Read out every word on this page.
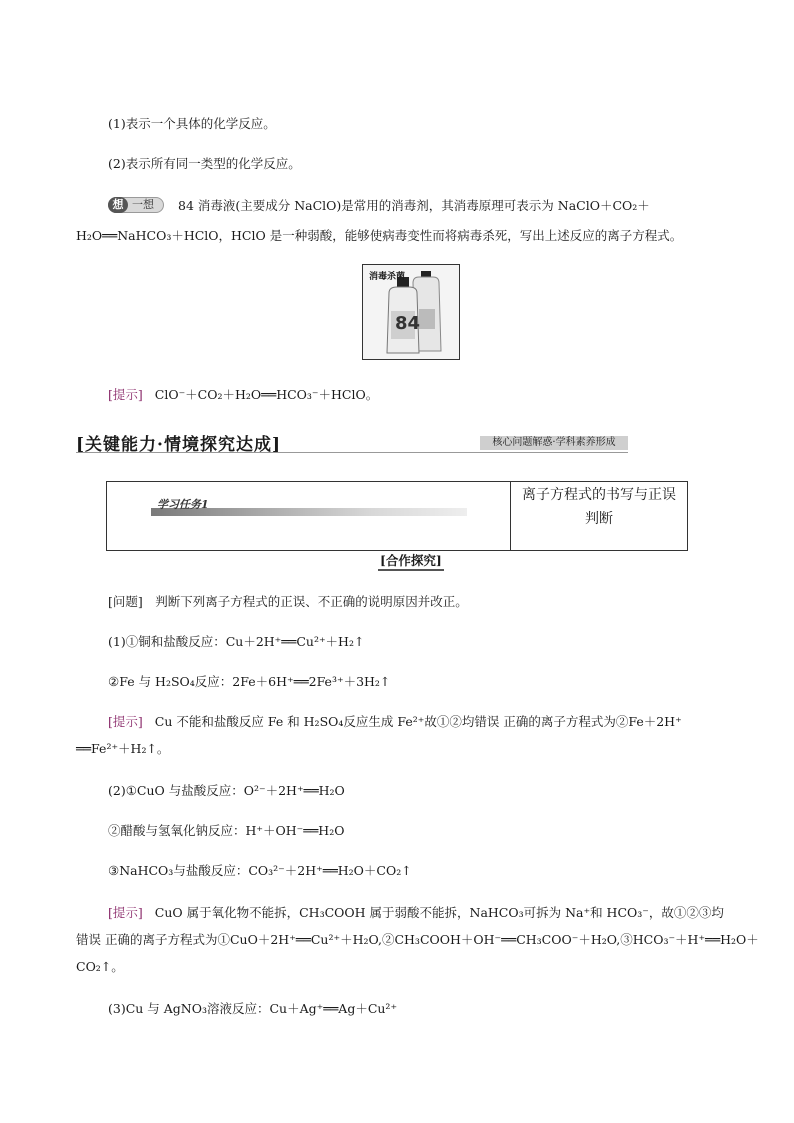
(1)表示一个具体的化学反应。
(2)表示所有同一类型的化学反应。
想 一想 84 消毒液(主要成分 NaClO)是常用的消毒剂，其消毒原理可表示为 NaClO＋CO₂＋
H₂O══NaHCO₃＋HClO，HClO 是一种弱酸，能够使病毒变性而将病毒杀死，写出上述反应的离子方程式。
消毒杀菌
84
[提示] ClO⁻＋CO₂＋H₂O══HCO₃⁻＋HClO。
[关键能力·情境探究达成]	核心问题解惑·学科素养形成
学习任务1
离子方程式的书写与正误
判断
[合作探究]
[问题]　判断下列离子方程式的正误、不正确的说明原因并改正。
(1)①铜和盐酸反应：Cu＋2H⁺══Cu²⁺＋H₂↑
②Fe 与 H₂SO₄反应：2Fe＋6H⁺══2Fe³⁺＋3H₂↑
[提示] Cu 不能和盐酸反应 Fe 和 H₂SO₄反应生成 Fe²⁺故①②均错误 正确的离子方程式为②Fe＋2H⁺
══Fe²⁺＋H₂↑。
(2)①CuO 与盐酸反应：O²⁻＋2H⁺══H₂O
②醋酸与氢氧化钠反应：H⁺＋OH⁻══H₂O
③NaHCO₃与盐酸反应：CO₃²⁻＋2H⁺══H₂O＋CO₂↑
[提示] CuO 属于氧化物不能拆，CH₃COOH 属于弱酸不能拆，NaHCO₃可拆为 Na⁺和 HCO₃⁻，故①②③均
错误 正确的离子方程式为①CuO＋2H⁺══Cu²⁺＋H₂O,②CH₃COOH＋OH⁻══CH₃COO⁻＋H₂O,③HCO₃⁻＋H⁺══H₂O＋
CO₂↑。
(3)Cu 与 AgNO₃溶液反应：Cu＋Ag⁺══Ag＋Cu²⁺
